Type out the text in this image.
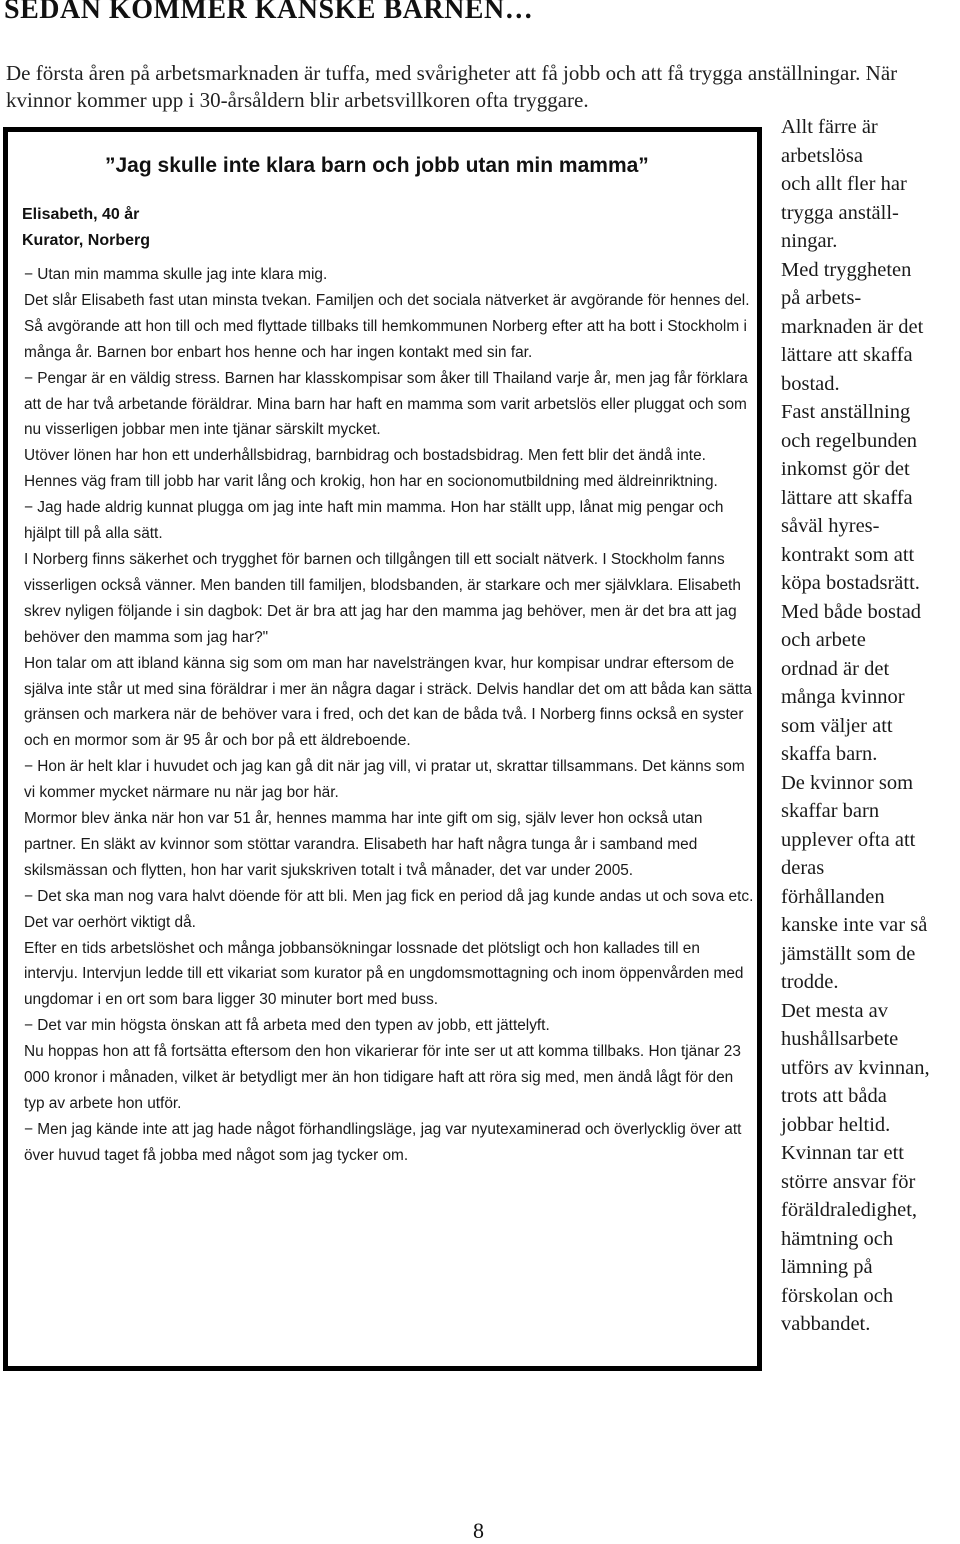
SEDAN KOMMER KANSKE BARNEN…

De första åren på arbetsmarknaden är tuffa, med svårigheter att få jobb och att få trygga anställningar. När kvinnor kommer upp i 30-årsåldern blir arbetsvillkoren ofta tryggare.

”Jag skulle inte klara barn och jobb utan min mamma”
Elisabeth, 40 år
Kurator, Norberg

− Utan min mamma skulle jag inte klara mig.

Det slår Elisabeth fast utan minsta tvekan. Familjen och det sociala nätverket är avgörande för hennes del. Så avgörande att hon till och med flyttade tillbaks till hemkommunen Norberg efter att ha bott i Stockholm i många år. Barnen bor enbart hos henne och har ingen kontakt med sin far.

− Pengar är en väldig stress. Barnen har klasskompisar som åker till Thailand varje år, men jag får förklara att de har två arbetande föräldrar. Mina barn har haft en mamma som varit arbetslös eller pluggat och som nu visserligen jobbar men inte tjänar särskilt mycket.

Utöver lönen har hon ett underhållsbidrag, barnbidrag och bostadsbidrag. Men fett blir det ändå inte. Hennes väg fram till jobb har varit lång och krokig, hon har en socionomutbildning med äldreinriktning.

− Jag hade aldrig kunnat plugga om jag inte haft min mamma. Hon har ställt upp, lånat mig pengar och hjälpt till på alla sätt.

I Norberg finns säkerhet och trygghet för barnen och tillgången till ett socialt nätverk. I Stockholm fanns visserligen också vänner. Men banden till familjen, blodsbanden, är starkare och mer självklara. Elisabeth skrev nyligen följande i sin dagbok: Det är bra att jag har den mamma jag behöver, men är det bra att jag behöver den mamma som jag har?"

Hon talar om att ibland känna sig som om man har navelsträngen kvar, hur kompisar undrar eftersom de själva inte står ut med sina föräldrar i mer än några dagar i sträck. Delvis handlar det om att båda kan sätta gränsen och markera när de behöver vara i fred, och det kan de båda två. I Norberg finns också en syster och en mormor som är 95 år och bor på ett äldreboende.

− Hon är helt klar i huvudet och jag kan gå dit när jag vill, vi pratar ut, skrattar tillsammans. Det känns som vi kommer mycket närmare nu när jag bor här.

Mormor blev änka när hon var 51 år, hennes mamma har inte gift om sig, själv lever hon också utan partner. En släkt av kvinnor som stöttar varandra. Elisabeth har haft några tunga år i samband med skilsmässan och flytten, hon har varit sjukskriven totalt i två månader, det var under 2005.

− Det ska man nog vara halvt döende för att bli. Men jag fick en period då jag kunde andas ut och sova etc. Det var oerhört viktigt då.

Efter en tids arbetslöshet och många jobbansökningar lossnade det plötsligt och hon kallades till en intervju. Intervjun ledde till ett vikariat som kurator på en ungdomsmottagning och inom öppenvården med ungdomar i en ort som bara ligger 30 minuter bort med buss.

− Det var min högsta önskan att få arbeta med den typen av jobb, ett jättelyft.

Nu hoppas hon att få fortsätta eftersom den hon vikarierar för inte ser ut att komma tillbaks. Hon tjänar 23 000 kronor i månaden, vilket är betydligt mer än hon tidigare haft att röra sig med, men ändå lågt för den typ av arbete hon utför.

− Men jag kände inte att jag hade något förhandlingsläge, jag var nyutexaminerad och överlycklig över att över huvud taget få jobba med något som jag tycker om.

Allt färre är
arbetslösa
och allt fler har
trygga anställ-
ningar.
Med tryggheten
på arbets-
marknaden är det
lättare att skaffa
bostad.
Fast anställning
och regelbunden
inkomst gör det
lättare att skaffa
såväl hyres-
kontrakt som att
köpa bostadsrätt.
Med både bostad
och arbete
ordnad är det
många kvinnor
som väljer att
skaffa barn.
De kvinnor som
skaffar barn
upplever ofta att
deras
förhållanden
kanske inte var så
jämställt som de
trodde.
Det mesta av
hushållsarbete
utförs av kvinnan,
trots att båda
jobbar heltid.
Kvinnan tar ett
större ansvar för
föräldraledighet,
hämtning och
lämning på
förskolan och
vabbandet.
8
